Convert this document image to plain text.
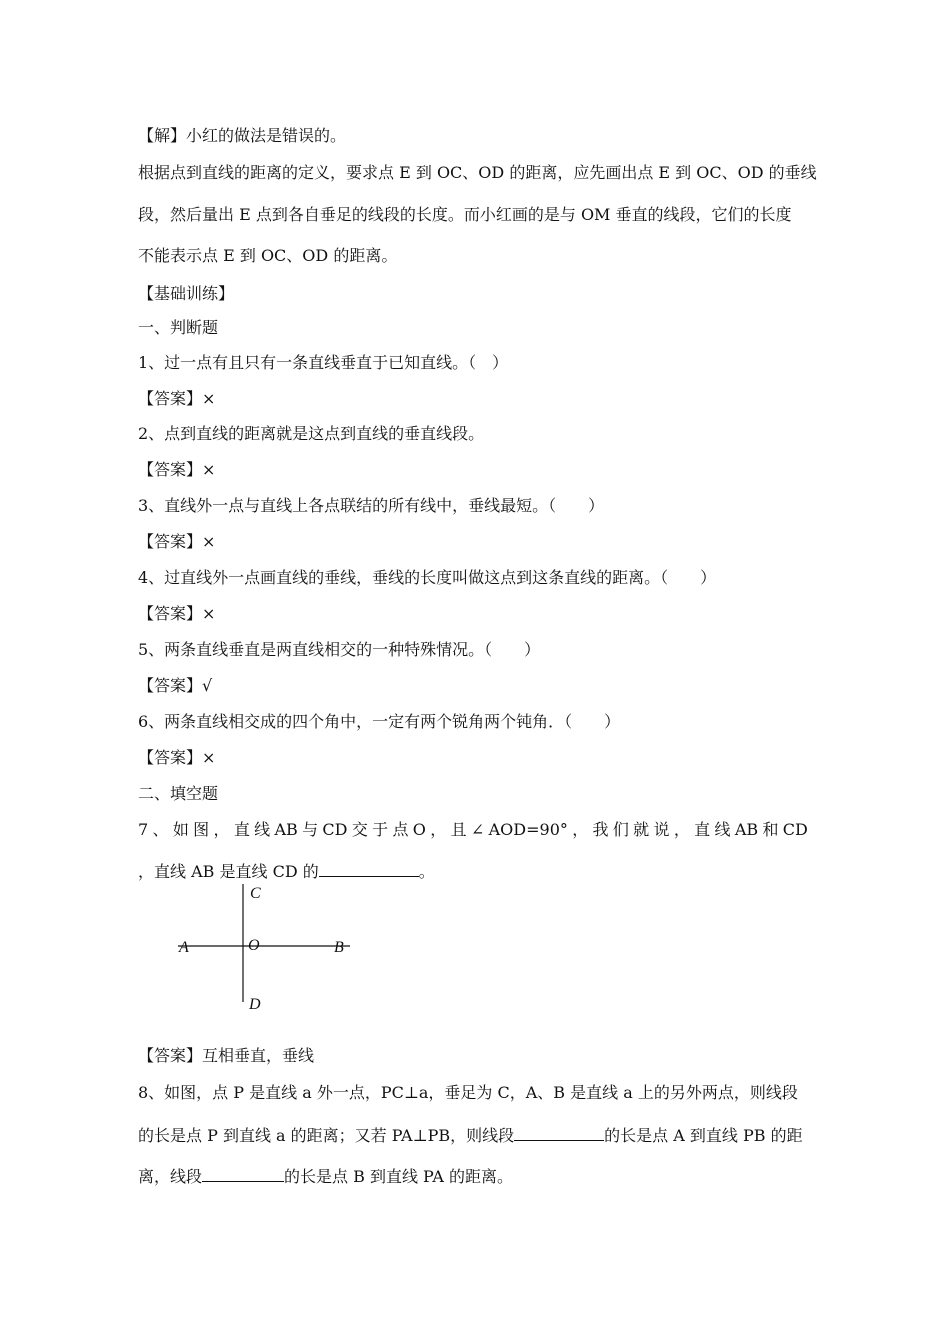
【解】小红的做法是错误的。
根据点到直线的距离的定义，要求点 E 到 OC、OD 的距离，应先画出点 E 到 OC、OD 的垂线
段，然后量出 E 点到各自垂足的线段的长度。而小红画的是与 OM 垂直的线段，它们的长度
不能表示点 E 到 OC、OD 的距离。
【基础训练】
一、判断题
1、过一点有且只有一条直线垂直于已知直线。（　）
【答案】×
2、点到直线的距离就是这点到直线的垂直线段。
【答案】×
3、直线外一点与直线上各点联结的所有线中，垂线最短。（　　）
【答案】×
4、过直线外一点画直线的垂线，垂线的长度叫做这点到这条直线的距离。（　　）
【答案】×
5、两条直线垂直是两直线相交的一种特殊情况。（　　）
【答案】√
6、两条直线相交成的四个角中，一定有两个锐角两个钝角．（　　）
【答案】×
二、填空题
7 、 如 图 ， 直 线 AB 与 CD 交 于 点 O ， 且 ∠ AOD=90° ， 我 们 就 说 ， 直 线 AB 和 CD
，直线 AB 是直线 CD 的	。
C
A	O	B
D
【答案】互相垂直，垂线
8、如图，点 P 是直线 a 外一点，PC⊥a，垂足为 C，A、B 是直线 a 上的另外两点，则线段
的长是点 P 到直线 a 的距离；又若 PA⊥PB，则线段	的长是点 A 到直线 PB 的距
离，线段	的长是点 B 到直线 PA 的距离。
